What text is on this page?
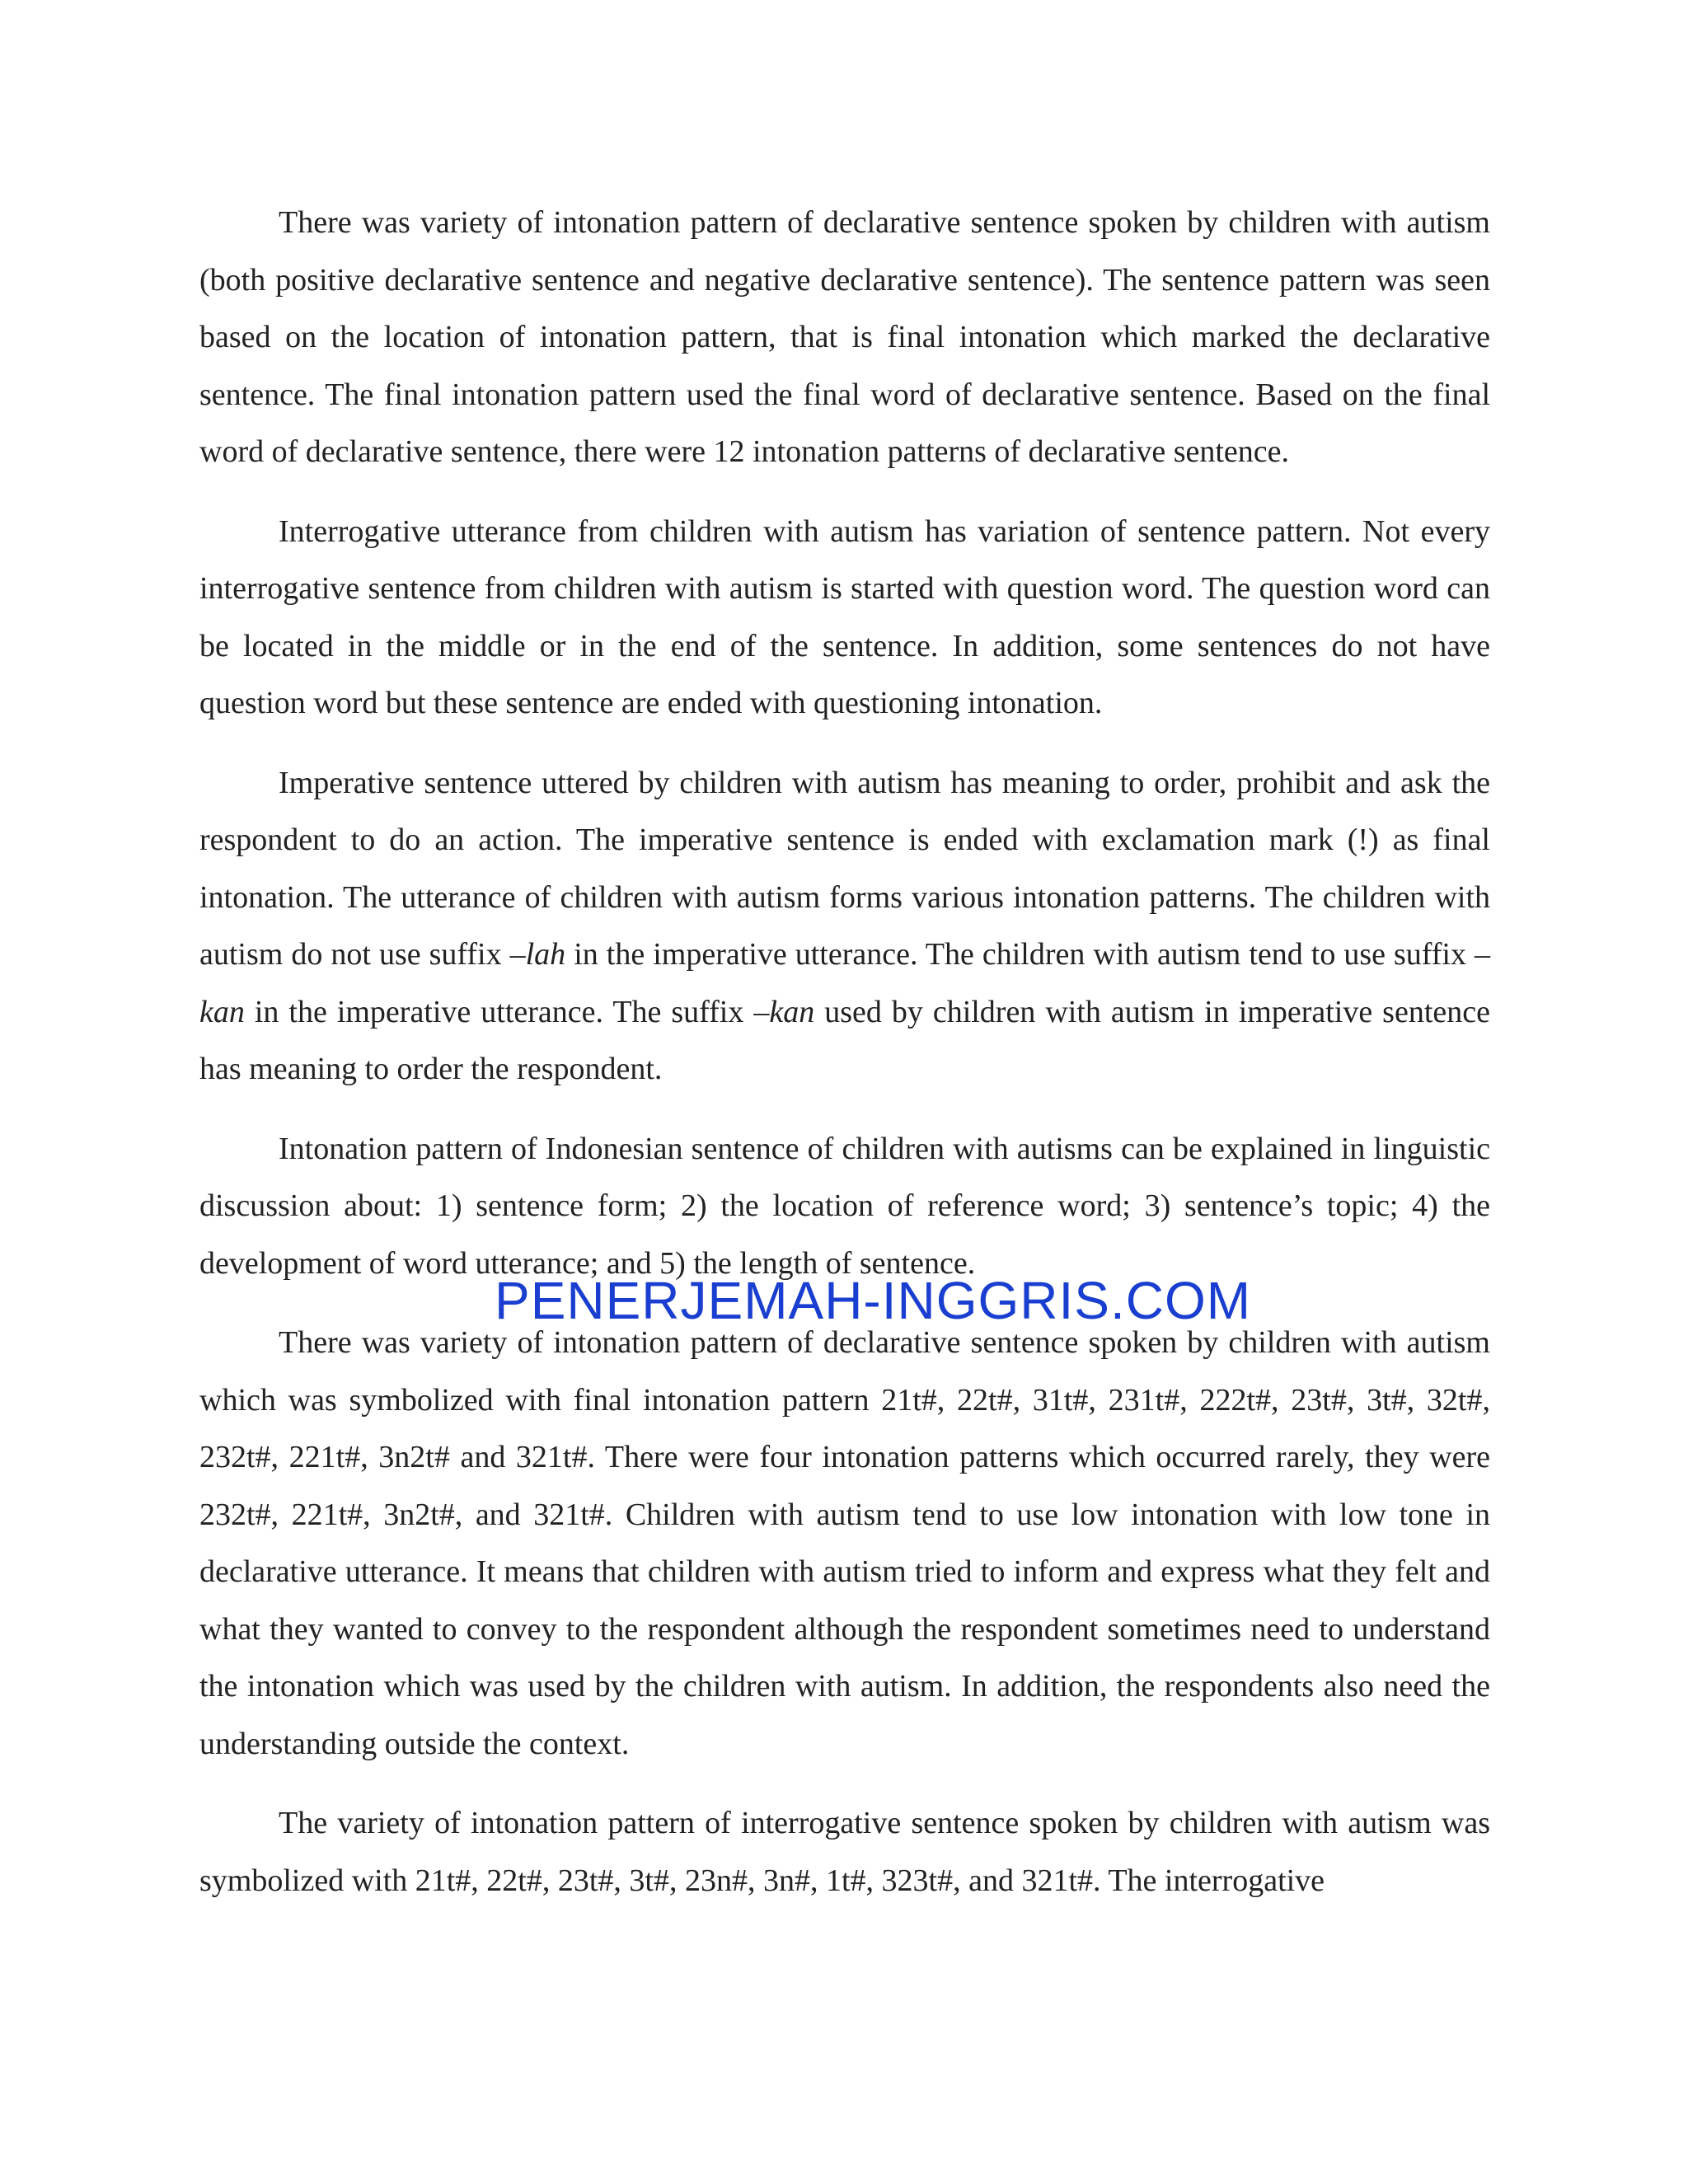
There was variety of intonation pattern of declarative sentence spoken by children with autism (both positive declarative sentence and negative declarative sentence). The sentence pattern was seen based on the location of intonation pattern, that is final intonation which marked the declarative sentence. The final intonation pattern used the final word of declarative sentence. Based on the final word of declarative sentence, there were 12 intonation patterns of declarative sentence.

Interrogative utterance from children with autism has variation of sentence pattern. Not every interrogative sentence from children with autism is started with question word. The question word can be located in the middle or in the end of the sentence. In addition, some sentences do not have question word but these sentence are ended with questioning intonation.

Imperative sentence uttered by children with autism has meaning to order, prohibit and ask the respondent to do an action. The imperative sentence is ended with exclamation mark (!) as final intonation. The utterance of children with autism forms various intonation patterns. The children with autism do not use suffix –lah in the imperative utterance. The children with autism tend to use suffix –kan in the imperative utterance. The suffix –kan used by children with autism in imperative sentence has meaning to order the respondent.

Intonation pattern of Indonesian sentence of children with autisms can be explained in linguistic discussion about: 1) sentence form; 2) the location of reference word; 3) sentence’s topic; 4) the development of word utterance; and 5) the length of sentence.

There was variety of intonation pattern of declarative sentence spoken by children with autism which was symbolized with final intonation pattern 21t#, 22t#, 31t#, 231t#, 222t#, 23t#, 3t#, 32t#, 232t#, 221t#, 3n2t# and 321t#. There were four intonation patterns which occurred rarely, they were 232t#, 221t#, 3n2t#, and 321t#. Children with autism tend to use low intonation with low tone in declarative utterance. It means that children with autism tried to inform and express what they felt and what they wanted to convey to the respondent although the respondent sometimes need to understand the intonation which was used by the children with autism. In addition, the respondents also need the understanding outside the context.

The variety of intonation pattern of interrogative sentence spoken by children with autism was symbolized with 21t#, 22t#, 23t#, 3t#, 23n#, 3n#, 1t#, 323t#, and 321t#. The interrogative

PENERJEMAH-INGGRIS.COM
